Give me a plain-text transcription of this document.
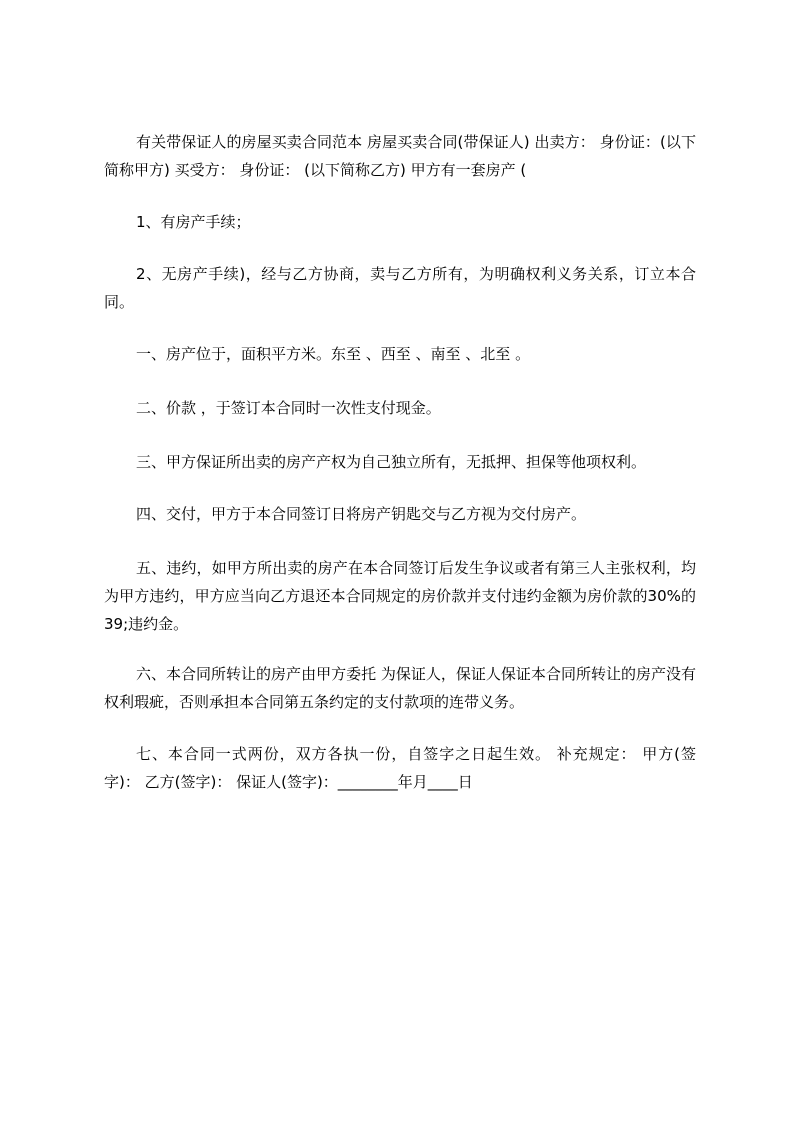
有关带保证人的房屋买卖合同范本 房屋买卖合同(带保证人) 出卖方： 身份证：(以下简称甲方) 买受方： 身份证： (以下简称乙方) 甲方有一套房产 (

1、有房产手续；

2、无房产手续)，经与乙方协商，卖与乙方所有，为明确权利义务关系，订立本合同。

一、房产位于，面积平方米。东至 、西至 、南至 、北至 。

二、价款 ，于签订本合同时一次性支付现金。

三、甲方保证所出卖的房产产权为自己独立所有，无抵押、担保等他项权利。

四、交付，甲方于本合同签订日将房产钥匙交与乙方视为交付房产。

五、违约，如甲方所出卖的房产在本合同签订后发生争议或者有第三人主张权利，均为甲方违约，甲方应当向乙方退还本合同规定的房价款并支付违约金额为房价款的30%的39;违约金。

六、本合同所转让的房产由甲方委托 为保证人，保证人保证本合同所转让的房产没有权利瑕疵，否则承担本合同第五条约定的支付款项的连带义务。

七、本合同一式两份，双方各执一份，自签字之日起生效。 补充规定： 甲方(签字)： 乙方(签字)： 保证人(签字)：________年月____日
